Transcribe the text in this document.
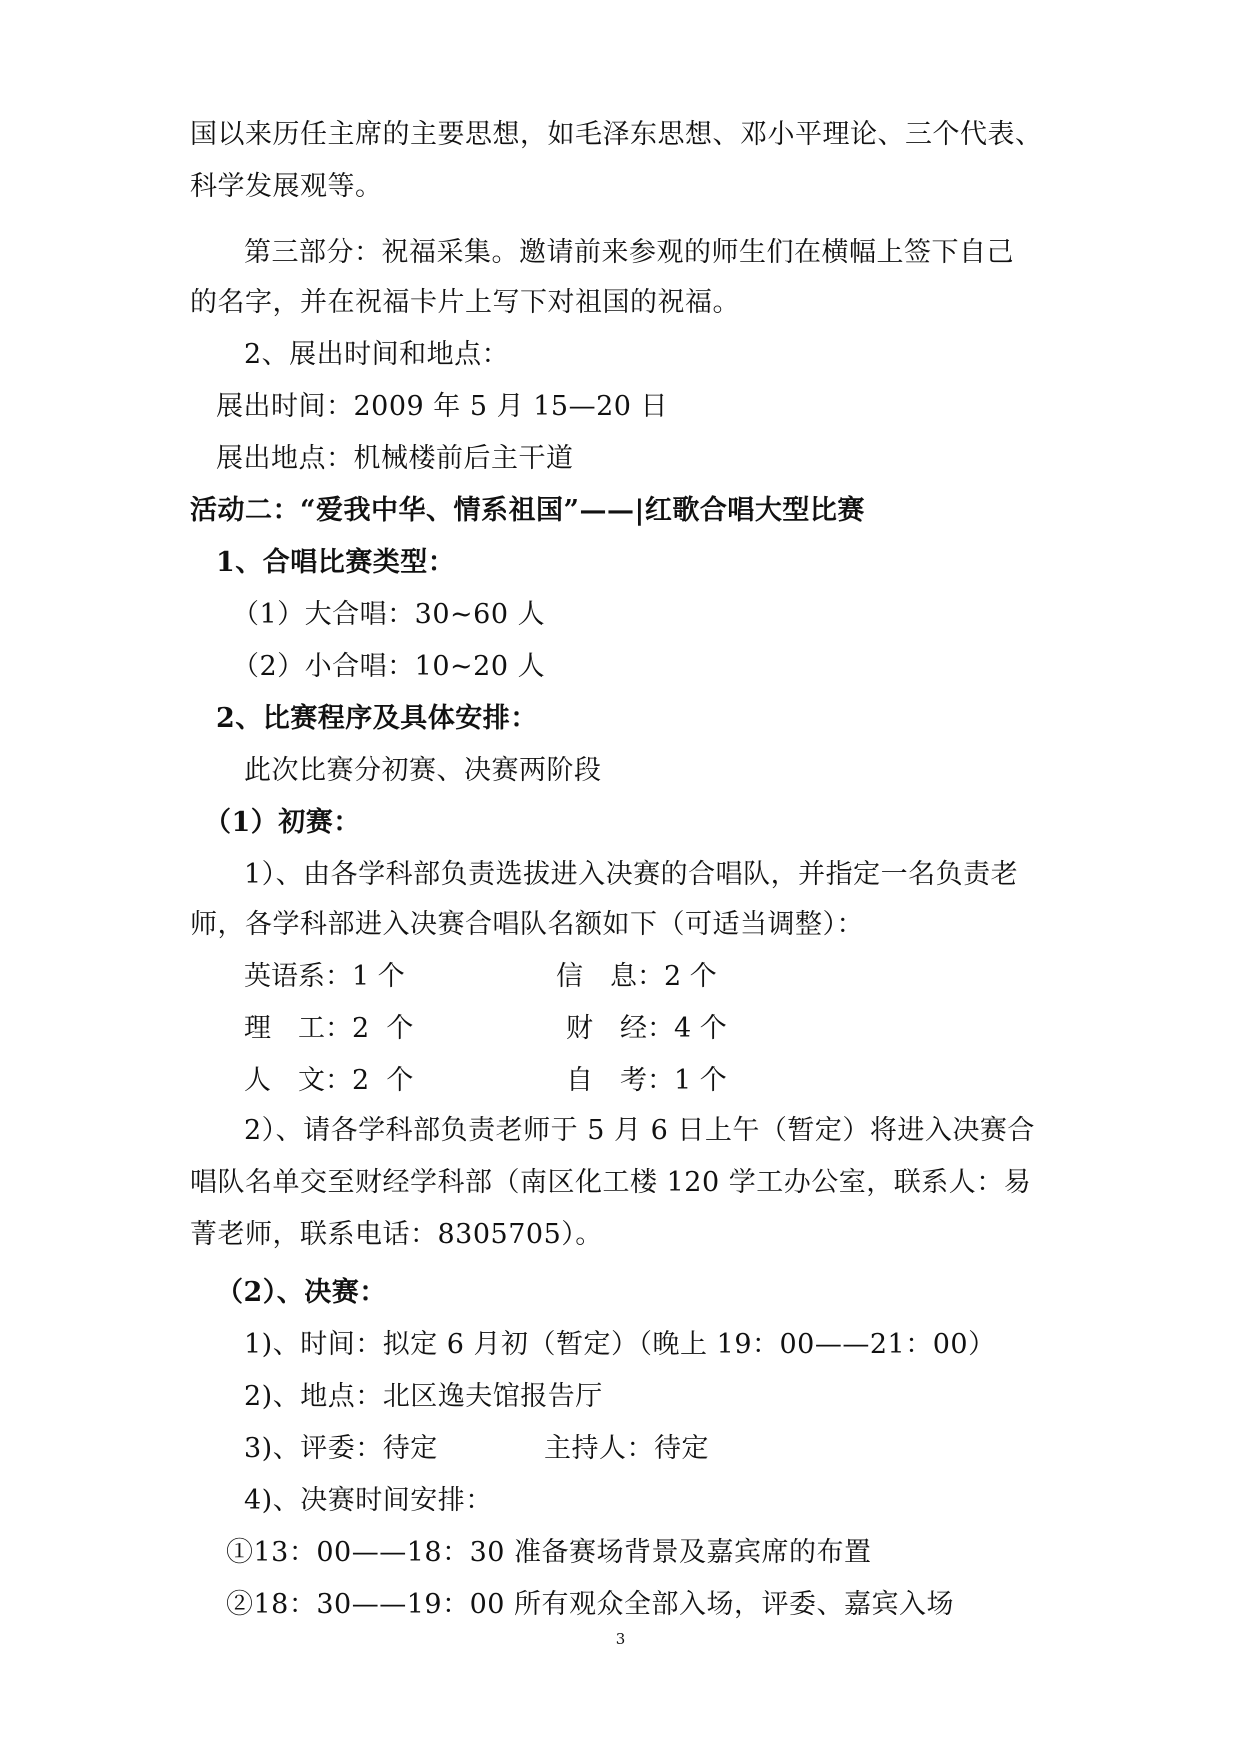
国以来历任主席的主要思想，如毛泽东思想、邓小平理论、三个代表、
科学发展观等。
第三部分：祝福采集。邀请前来参观的师生们在横幅上签下自己
的名字，并在祝福卡片上写下对祖国的祝福。
2、展出时间和地点：
展出时间：2009 年 5 月 15—20 日
展出地点：机械楼前后主干道
活动二：“爱我中华、情系祖国”——|红歌合唱大型比赛
1、合唱比赛类型：
（1）大合唱：30~60 人
（2）小合唱：10~20 人
2、比赛程序及具体安排：
此次比赛分初赛、决赛两阶段
（1）初赛：
1）、由各学科部负责选拔进入决赛的合唱队，并指定一名负责老
师，各学科部进入决赛合唱队名额如下（可适当调整）：
英语系：1 个	信　息：2 个
理　工：2  个	财　经：4 个
人　文：2  个	自　考：1 个
2）、请各学科部负责老师于 5 月 6 日上午（暂定）将进入决赛合
唱队名单交至财经学科部（南区化工楼 120 学工办公室，联系人：易
菁老师，联系电话：8305705）。
（2）、决赛：
1)、时间：拟定 6 月初（暂定）（晚上 19：00——21：00）
2)、地点：北区逸夫馆报告厅
3)、评委：待定	主持人：待定
4)、决赛时间安排：
①13：00——18：30 准备赛场背景及嘉宾席的布置
②18：30——19：00 所有观众全部入场，评委、嘉宾入场
3
